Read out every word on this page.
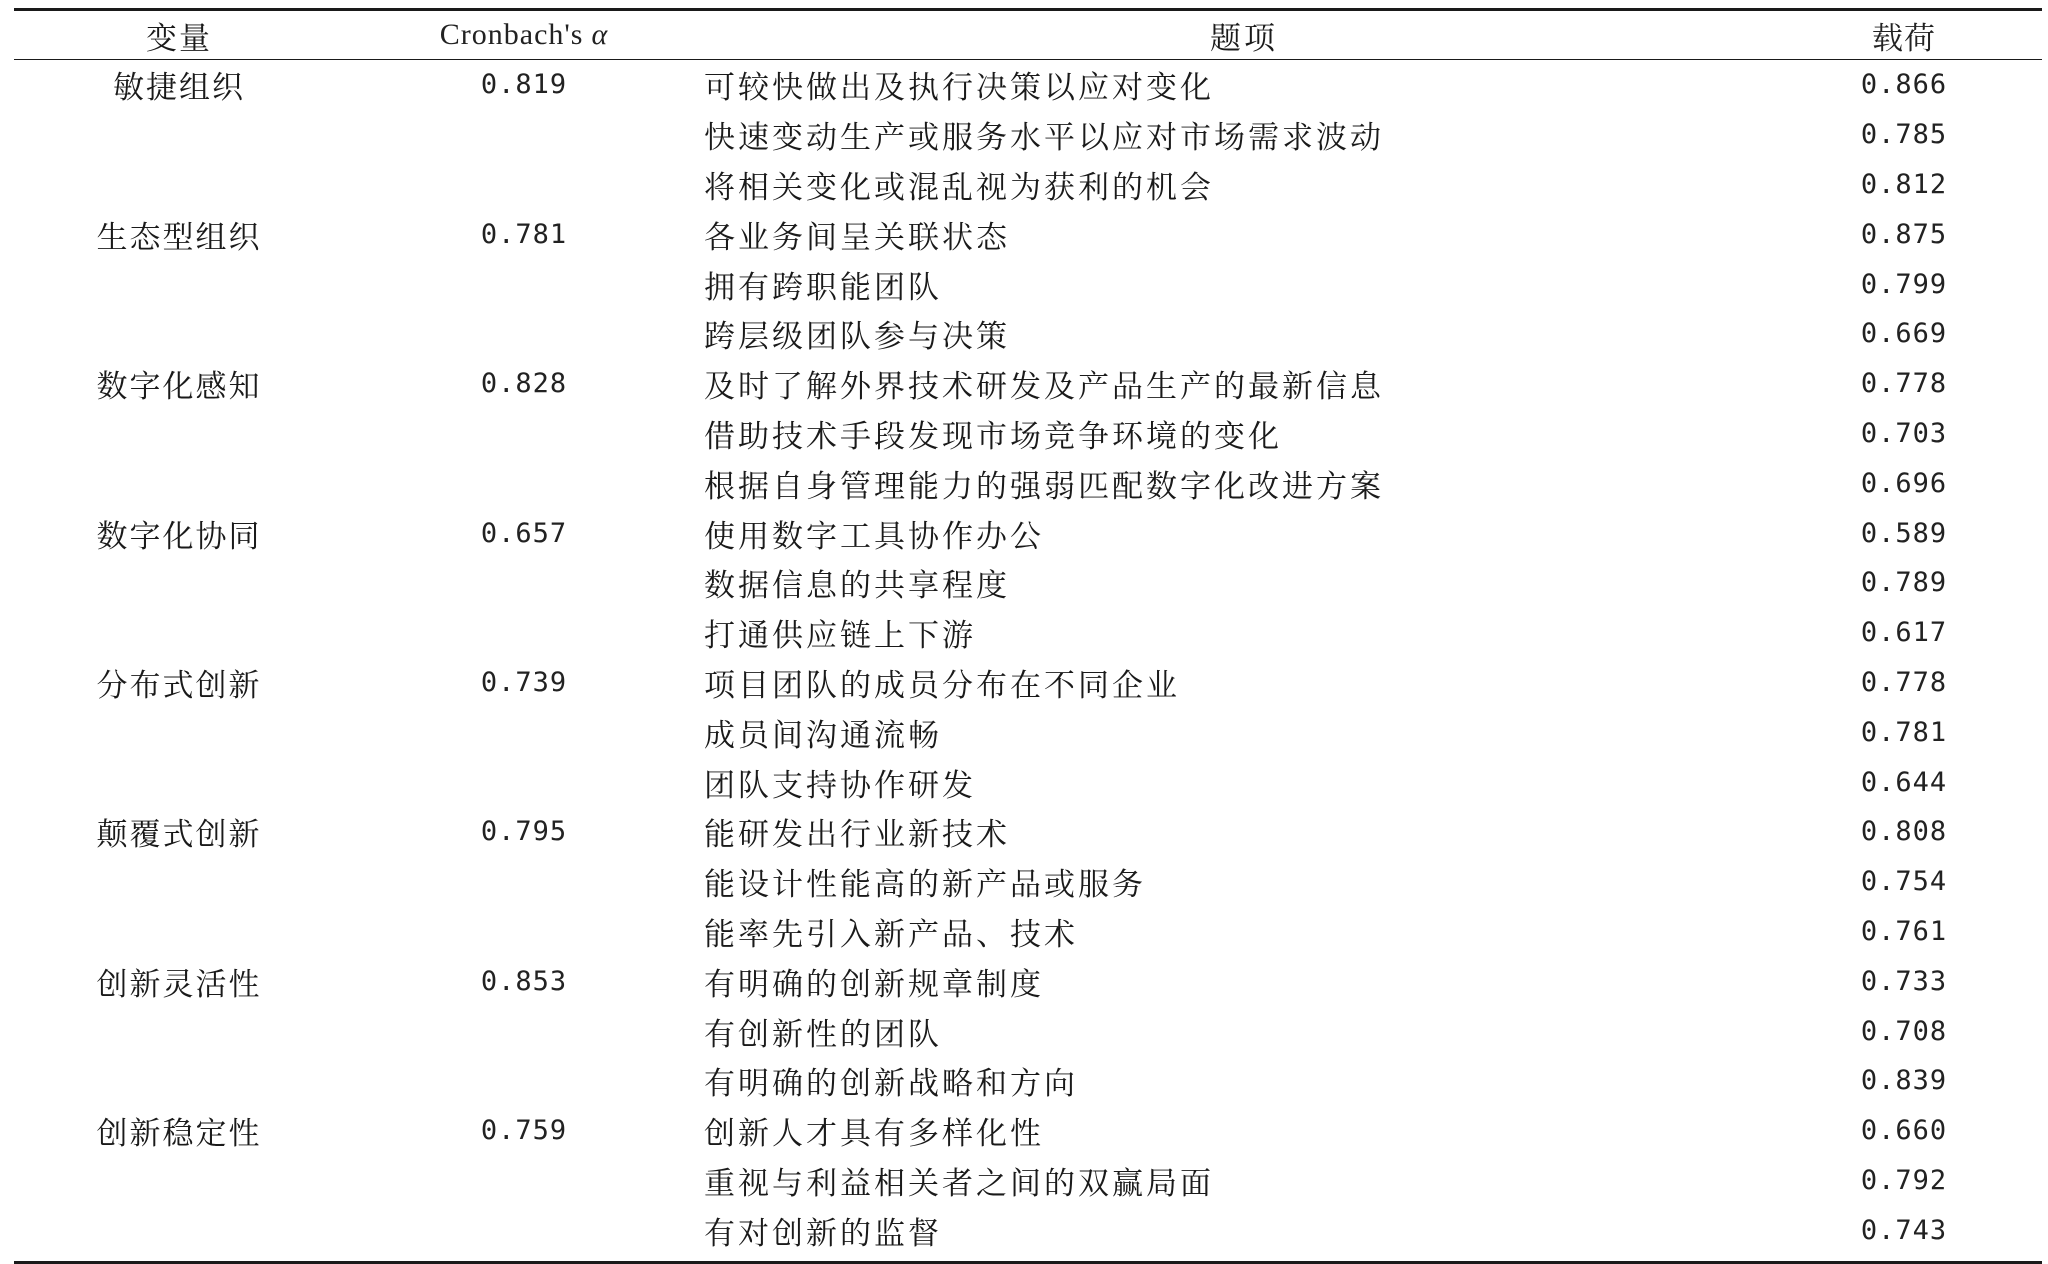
变量	Cronbach's α	题项	载荷
敏捷组织	0.819	可较快做出及执行决策以应对变化	0.866
快速变动生产或服务水平以应对市场需求波动	0.785
将相关变化或混乱视为获利的机会	0.812
生态型组织	0.781	各业务间呈关联状态	0.875
拥有跨职能团队	0.799
跨层级团队参与决策	0.669
数字化感知	0.828	及时了解外界技术研发及产品生产的最新信息	0.778
借助技术手段发现市场竞争环境的变化	0.703
根据自身管理能力的强弱匹配数字化改进方案	0.696
数字化协同	0.657	使用数字工具协作办公	0.589
数据信息的共享程度	0.789
打通供应链上下游	0.617
分布式创新	0.739	项目团队的成员分布在不同企业	0.778
成员间沟通流畅	0.781
团队支持协作研发	0.644
颠覆式创新	0.795	能研发出行业新技术	0.808
能设计性能高的新产品或服务	0.754
能率先引入新产品、技术	0.761
创新灵活性	0.853	有明确的创新规章制度	0.733
有创新性的团队	0.708
有明确的创新战略和方向	0.839
创新稳定性	0.759	创新人才具有多样化性	0.660
重视与利益相关者之间的双赢局面	0.792
有对创新的监督	0.743
